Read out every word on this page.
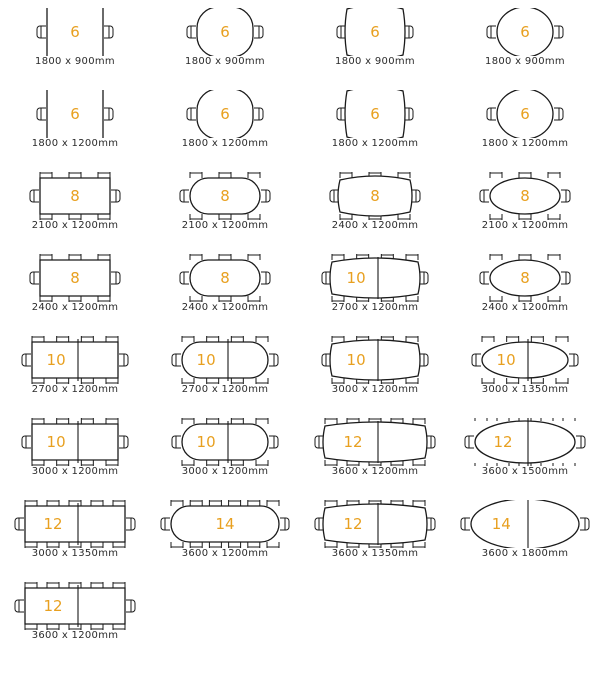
6
1800 x 900mm
6
1800 x 900mm
6
1800 x 900mm
6
1800 x 900mm
6
1800 x 1200mm
6
1800 x 1200mm
6
1800 x 1200mm
6
1800 x 1200mm
8
2100 x 1200mm
8
2100 x 1200mm
8
2400 x 1200mm
8
2100 x 1200mm
8
2400 x 1200mm
8
2400 x 1200mm
10
2700 x 1200mm
8
2400 x 1200mm
10
2700 x 1200mm
10
2700 x 1200mm
10
3000 x 1200mm
10
3000 x 1350mm
10
3000 x 1200mm
10
3000 x 1200mm
12
3600 x 1200mm
12
3600 x 1500mm
12
3000 x 1350mm
14
3600 x 1200mm
12
3600 x 1350mm
14
3600 x 1800mm
12
3600 x 1200mm
